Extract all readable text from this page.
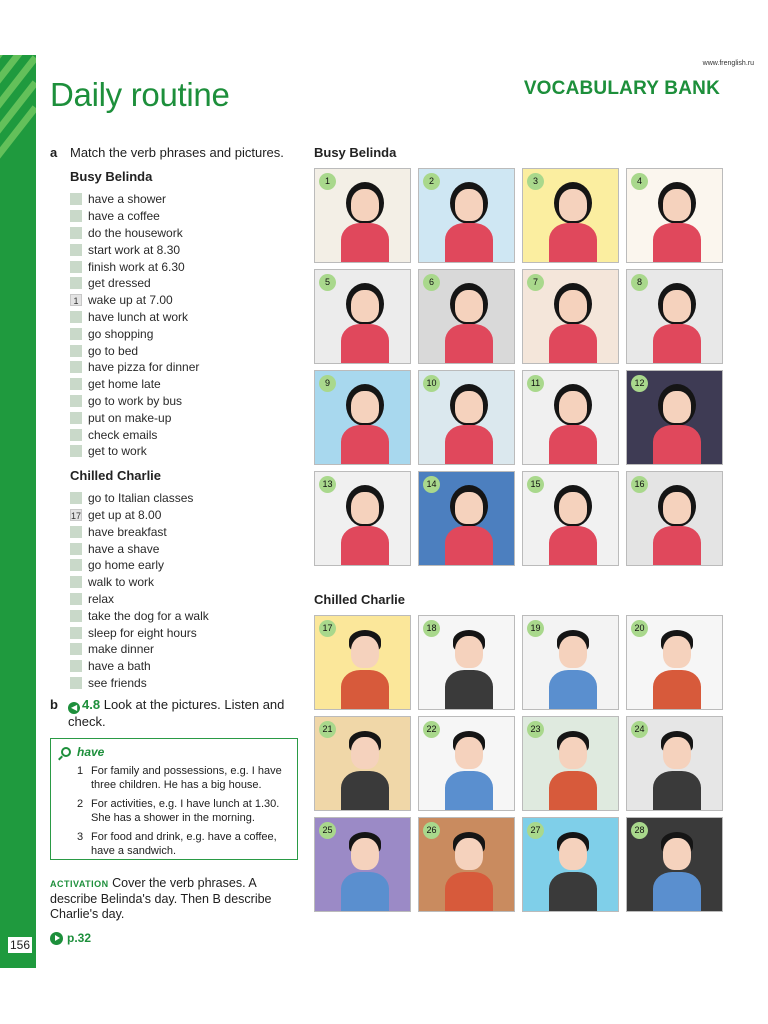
156
www.frenglish.ru
Daily routine	VOCABULARY BANK
a Match the verb phrases and pictures.
Busy Belinda
have a shower
have a coffee
do the housework
start work at 8.30
finish work at 6.30
get dressed
1 wake up at 7.00
have lunch at work
go shopping
go to bed
have pizza for dinner
get home late
go to work by bus
put on make-up
check emails
get to work
Chilled Charlie
go to Italian classes
17 get up at 8.00
have breakfast
have a shave
go home early
walk to work
relax
take the dog for a walk
sleep for eight hours
make dinner
have a bath
see friends
b	◀ 4.8 Look at the pictures. Listen and check.
have
1 For family and possessions, e.g. I have three children. He has a big house.
2 For activities, e.g. I have lunch at 1.30. She has a shower in the morning.
3 For food and drink, e.g. have a coffee, have a sandwich.
ACTIVATION Cover the verb phrases. A describe Belinda's day. Then B describe Charlie's day.
p.32
Busy Belinda
1	2	3	4
5	6	7	8
9	10	11	12
13	14	15	16
Chilled Charlie
17	18	19	20
21	22	23	24
25	26	27	28
